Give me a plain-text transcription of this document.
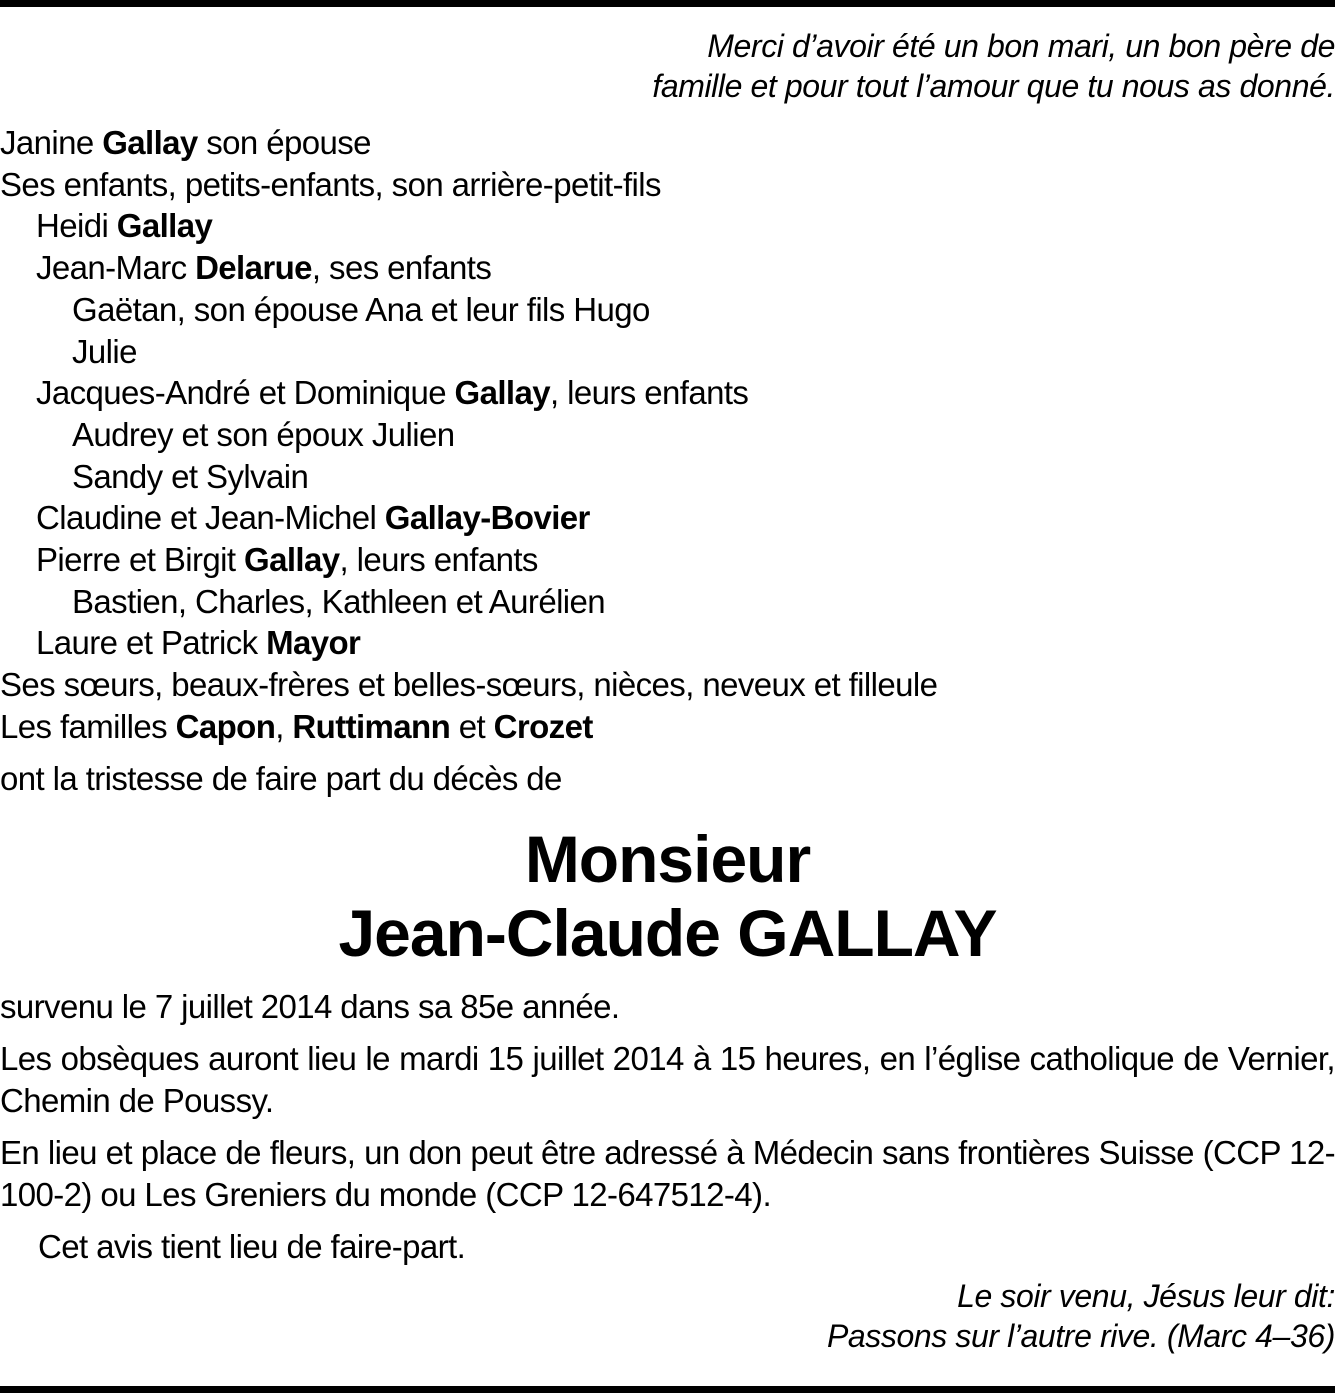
Merci d’avoir été un bon mari, un bon père de
famille et pour tout l’amour que tu nous as donné.
Janine Gallay son épouse
Ses enfants, petits-enfants, son arrière-petit-fils
Heidi Gallay
Jean-Marc Delarue, ses enfants
Gaëtan, son épouse Ana et leur fils Hugo
Julie
Jacques-André et Dominique Gallay, leurs enfants
Audrey et son époux Julien
Sandy et Sylvain
Claudine et Jean-Michel Gallay-Bovier
Pierre et Birgit Gallay, leurs enfants
Bastien, Charles, Kathleen et Aurélien
Laure et Patrick Mayor
Ses sœurs, beaux-frères et belles-sœurs, nièces, neveux et filleule
Les familles Capon, Ruttimann et Crozet
ont la tristesse de faire part du décès de
Monsieur
Jean-Claude GALLAY
survenu le 7 juillet 2014 dans sa 85e année.
Les obsèques auront lieu le mardi 15 juillet 2014 à 15 heures, en l’église catholique de Vernier, Chemin de Poussy.
En lieu et place de fleurs, un don peut être adressé à Médecin sans frontières Suisse (CCP 12-100-2) ou Les Greniers du monde (CCP 12-647512-4).
Cet avis tient lieu de faire-part.
Le soir venu, Jésus leur dit:
Passons sur l’autre rive. (Marc 4–36)
